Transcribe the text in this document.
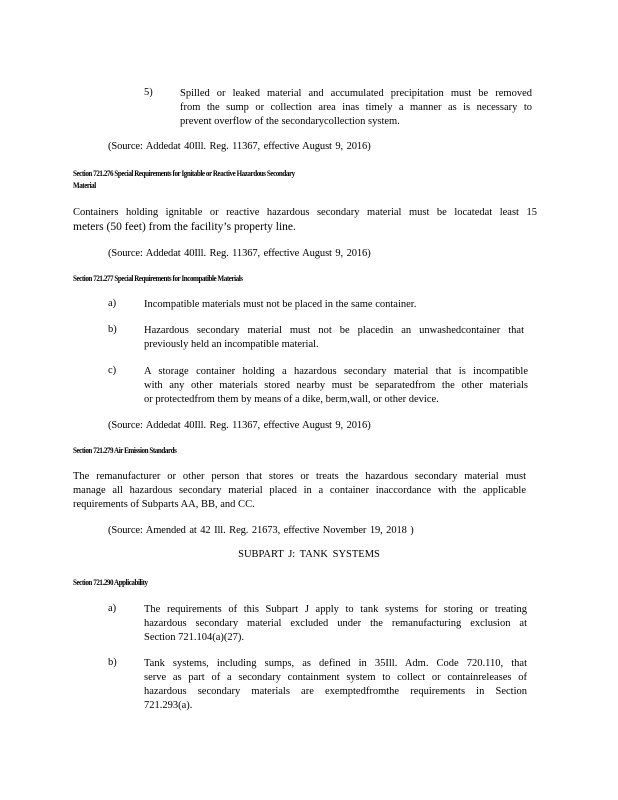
5)	Spilled or leaked material and accumulated precipitation must be removed
from the sump or collection area inas timely a manner as is necessary to
prevent overflow of the secondarycollection system.
(Source: Addedat 40Ill. Reg. 11367, effective August 9, 2016)
Section 721.276 Special Requirements for Ignitable or Reactive Hazardous Secondary
Material
Containers holding ignitable or reactive hazardous secondary material must be locatedat least 15
meters (50 feet) from the facility’s property line.
(Source: Addedat 40Ill. Reg. 11367, effective August 9, 2016)
Section 721.277 Special Requirements for Incompatible Materials
a)	Incompatible materials must not be placed in the same container.
b)	Hazardous secondary material must not be placedin an unwashedcontainer that
previously held an incompatible material.
c)	A storage container holding a hazardous secondary material that is incompatible
with any other materials stored nearby must be separatedfrom the other materials
or protectedfrom them by means of a dike, berm,wall, or other device.
(Source: Addedat 40Ill. Reg. 11367, effective August 9, 2016)
Section 721.279 Air Emission Standards
The remanufacturer or other person that stores or treats the hazardous secondary material must
manage all hazardous secondary material placed in a container inaccordance with the applicable
requirements of Subparts AA, BB, and CC.
(Source: Amended at 42 Ill. Reg. 21673, effective November 19, 2018 )
SUBPART J: TANK SYSTEMS
Section 721.290 Applicability
a)	The requirements of this Subpart J apply to tank systems for storing or treating
hazardous secondary material excluded under the remanufacturing exclusion at
Section 721.104(a)(27).
b)	Tank systems, including sumps, as defined in 35Ill. Adm. Code 720.110, that
serve as part of a secondary containment system to collect or containreleases of
hazardous secondary materials are exemptedfromthe requirements in Section
721.293(a).
